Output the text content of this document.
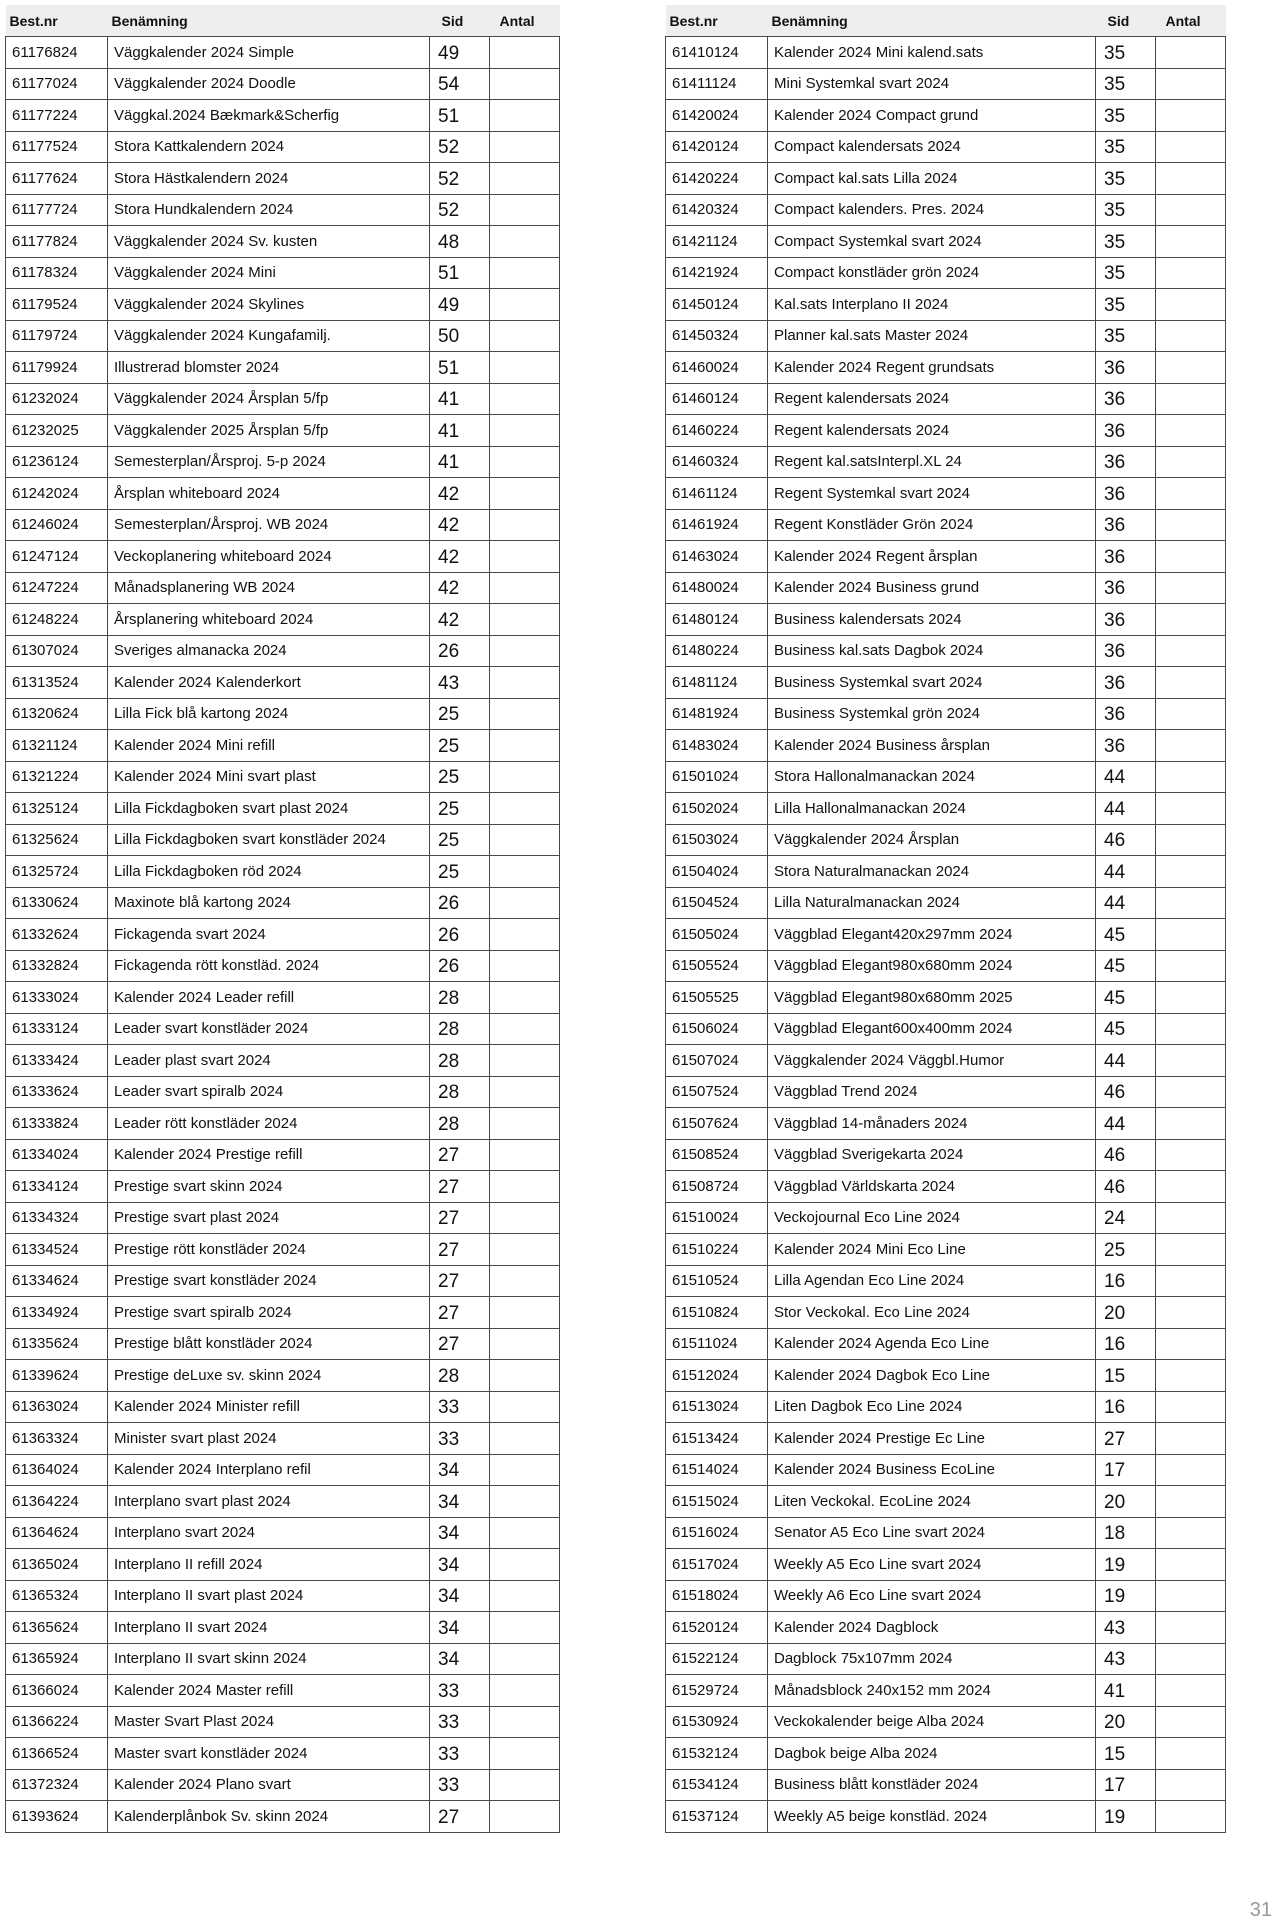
Best.nr	Benämning	Sid	Antal
61176824	Väggkalender 2024 Simple	49	
61177024	Väggkalender 2024 Doodle	54	
61177224	Väggkal.2024 Bækmark&Scherfig	51	
61177524	Stora Kattkalendern 2024	52	
61177624	Stora Hästkalendern 2024	52	
61177724	Stora Hundkalendern 2024	52	
61177824	Väggkalender 2024 Sv. kusten	48	
61178324	Väggkalender 2024 Mini	51	
61179524	Väggkalender 2024 Skylines	49	
61179724	Väggkalender 2024 Kungafamilj.	50	
61179924	Illustrerad blomster 2024	51	
61232024	Väggkalender 2024 Årsplan 5/fp	41	
61232025	Väggkalender 2025 Årsplan 5/fp	41	
61236124	Semesterplan/Årsproj. 5-p 2024	41	
61242024	Årsplan whiteboard 2024	42	
61246024	Semesterplan/Årsproj. WB 2024	42	
61247124	Veckoplanering whiteboard 2024	42	
61247224	Månadsplanering WB 2024	42	
61248224	Årsplanering whiteboard 2024	42	
61307024	Sveriges almanacka 2024	26	
61313524	Kalender 2024 Kalenderkort	43	
61320624	Lilla Fick blå kartong 2024	25	
61321124	Kalender 2024 Mini refill	25	
61321224	Kalender 2024 Mini svart plast	25	
61325124	Lilla Fickdagboken svart plast 2024	25	
61325624	Lilla Fickdagboken svart konstläder 2024	25	
61325724	Lilla Fickdagboken röd 2024	25	
61330624	Maxinote blå kartong 2024	26	
61332624	Fickagenda svart 2024	26	
61332824	Fickagenda rött konstläd. 2024	26	
61333024	Kalender 2024 Leader refill	28	
61333124	Leader svart konstläder 2024	28	
61333424	Leader plast svart 2024	28	
61333624	Leader svart spiralb 2024	28	
61333824	Leader rött konstläder 2024	28	
61334024	Kalender 2024 Prestige refill	27	
61334124	Prestige svart skinn 2024	27	
61334324	Prestige svart plast 2024	27	
61334524	Prestige rött konstläder 2024	27	
61334624	Prestige svart konstläder 2024	27	
61334924	Prestige svart spiralb 2024	27	
61335624	Prestige blått konstläder 2024	27	
61339624	Prestige deLuxe sv. skinn 2024	28	
61363024	Kalender 2024 Minister refill	33	
61363324	Minister svart plast 2024	33	
61364024	Kalender 2024 Interplano refil	34	
61364224	Interplano svart plast 2024	34	
61364624	Interplano svart 2024	34	
61365024	Interplano II refill 2024	34	
61365324	Interplano II svart plast 2024	34	
61365624	Interplano II svart 2024	34	
61365924	Interplano II svart skinn 2024	34	
61366024	Kalender 2024 Master refill	33	
61366224	Master Svart Plast 2024	33	
61366524	Master svart konstläder 2024	33	
61372324	Kalender 2024 Plano svart	33	
61393624	Kalenderplånbok Sv. skinn 2024	27	
Best.nr	Benämning	Sid	Antal
61410124	Kalender 2024 Mini kalend.sats	35	
61411124	Mini Systemkal svart 2024	35	
61420024	Kalender 2024 Compact grund	35	
61420124	Compact kalendersats 2024	35	
61420224	Compact kal.sats Lilla 2024	35	
61420324	Compact kalenders. Pres. 2024	35	
61421124	Compact Systemkal svart 2024	35	
61421924	Compact konstläder grön 2024	35	
61450124	Kal.sats Interplano II 2024	35	
61450324	Planner kal.sats Master 2024	35	
61460024	Kalender 2024 Regent grundsats	36	
61460124	Regent kalendersats 2024	36	
61460224	Regent kalendersats 2024	36	
61460324	Regent kal.satsInterpl.XL 24	36	
61461124	Regent Systemkal svart 2024	36	
61461924	Regent Konstläder Grön 2024	36	
61463024	Kalender 2024 Regent årsplan	36	
61480024	Kalender 2024 Business grund	36	
61480124	Business kalendersats 2024	36	
61480224	Business kal.sats Dagbok 2024	36	
61481124	Business Systemkal svart 2024	36	
61481924	Business Systemkal grön 2024	36	
61483024	Kalender 2024 Business årsplan	36	
61501024	Stora Hallonalmanackan 2024	44	
61502024	Lilla Hallonalmanackan 2024	44	
61503024	Väggkalender 2024 Årsplan	46	
61504024	Stora Naturalmanackan 2024	44	
61504524	Lilla Naturalmanackan 2024	44	
61505024	Väggblad Elegant420x297mm 2024	45	
61505524	Väggblad Elegant980x680mm 2024	45	
61505525	Väggblad Elegant980x680mm 2025	45	
61506024	Väggblad Elegant600x400mm 2024	45	
61507024	Väggkalender 2024 Väggbl.Humor	44	
61507524	Väggblad Trend 2024	46	
61507624	Väggblad 14-månaders 2024	44	
61508524	Väggblad Sverigekarta 2024	46	
61508724	Väggblad Världskarta 2024	46	
61510024	Veckojournal Eco Line 2024	24	
61510224	Kalender 2024 Mini Eco Line	25	
61510524	Lilla Agendan Eco Line 2024	16	
61510824	Stor Veckokal. Eco Line 2024	20	
61511024	Kalender 2024 Agenda Eco Line	16	
61512024	Kalender 2024 Dagbok Eco Line	15	
61513024	Liten Dagbok Eco Line 2024	16	
61513424	Kalender 2024 Prestige Ec Line	27	
61514024	Kalender 2024 Business EcoLine	17	
61515024	Liten Veckokal. EcoLine 2024	20	
61516024	Senator A5 Eco Line svart 2024	18	
61517024	Weekly A5 Eco Line svart 2024	19	
61518024	Weekly A6 Eco Line svart 2024	19	
61520124	Kalender 2024 Dagblock	43	
61522124	Dagblock 75x107mm 2024	43	
61529724	Månadsblock 240x152 mm 2024	41	
61530924	Veckokalender beige Alba 2024	20	
61532124	Dagbok beige Alba 2024	15	
61534124	Business blått konstläder 2024	17	
61537124	Weekly A5 beige konstläd. 2024	19	
31
